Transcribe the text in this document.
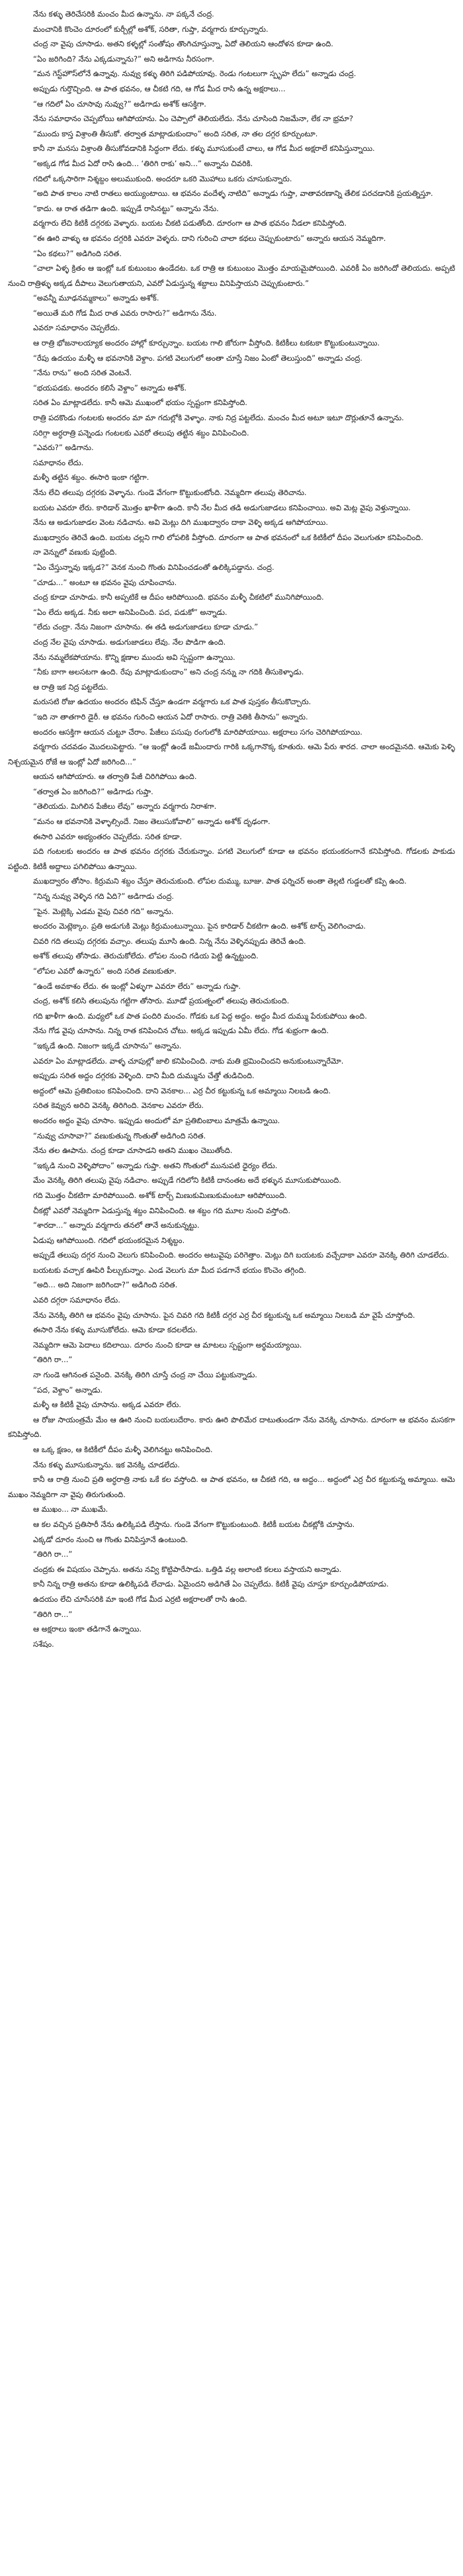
నేను కళ్ళు తెరిచేసరికి మంచం మీద ఉన్నాను. నా పక్కనే చంద్ర.

మంచానికి కొంచెం దూరంలో కుర్చీల్లో అశోక్, సరితా, గుప్తా, వర్మగారు కూర్చున్నారు.

చంద్ర నా వైపు చూసాడు. అతని కళ్ళల్లో సంతోషం తొంగిచూస్తున్నా, ఏదో తెలియని ఆందోళన కూడా ఉంది.

“ఏం జరిగింది? నేను ఎక్కడున్నాను?” అని అడిగాను నీరసంగా.

“మన గెస్ట్‌హౌస్‌లోనే ఉన్నావు. నువ్వు కళ్ళు తిరిగి పడిపోయావు. రెండు గంటలుగా స్పృహ లేదు” అన్నాడు చంద్ర.

అప్పుడు గుర్తొచ్చింది. ఆ పాత భవనం, ఆ చీకటి గది, ఆ గోడ మీద రాసి ఉన్న అక్షరాలు...

“ఆ గదిలో ఏం చూసావు నువ్వు?” అడిగాడు అశోక్ ఆసక్తిగా.

నేను సమాధానం చెప్పబోయి ఆగిపోయాను. ఏం చెప్పాలో తెలియలేదు. నేను చూసింది నిజమేనా, లేక నా భ్రమా?

“ముందు కాస్త విశ్రాంతి తీసుకో. తర్వాత మాట్లాడుకుందాం” అంది సరిత, నా తల దగ్గర కూర్చుంటూ.

కానీ నా మనసు విశ్రాంతి తీసుకోవడానికి సిద్ధంగా లేదు. కళ్ళు మూసుకుంటే చాలు, ఆ గోడ మీద అక్షరాలే కనిపిస్తున్నాయి.

“అక్కడ గోడ మీద ఏదో రాసి ఉంది... ‘తిరిగి రాకు’ అని...” అన్నాను చివరికి.

గదిలో ఒక్కసారిగా నిశ్శబ్దం అలుముకుంది. అందరూ ఒకరి మొహాలు ఒకరు చూసుకున్నారు.

“అది పాత కాలం నాటి రాతలు అయ్యుంటాయి. ఆ భవనం వందేళ్ళ నాటిది” అన్నాడు గుప్తా, వాతావరణాన్ని తేలిక పరచడానికి ప్రయత్నిస్తూ.

“కాదు. ఆ రాత తడిగా ఉంది. ఇప్పుడే రాసినట్టు” అన్నాను నేను.

వర్మగారు లేచి కిటికీ దగ్గరకు వెళ్ళారు. బయట చీకటి పడుతోంది. దూరంగా ఆ పాత భవనం నీడలా కనిపిస్తోంది.

“ఈ ఊరి వాళ్ళు ఆ భవనం దగ్గరికి ఎవరూ వెళ్ళరు. దాని గురించి చాలా కథలు చెప్పుకుంటారు” అన్నారు ఆయన నెమ్మదిగా.

“ఏం కథలు?” అడిగింది సరిత.

“చాలా ఏళ్ళ క్రితం ఆ ఇంట్లో ఒక కుటుంబం ఉండేదట. ఒక రాత్రి ఆ కుటుంబం మొత్తం మాయమైపోయింది. ఎవరికీ ఏం జరిగిందో తెలియదు. అప్పటి నుంచి రాత్రిళ్ళు అక్కడ దీపాలు వెలుగుతాయని, ఎవరో ఏడుస్తున్న శబ్దాలు వినిపిస్తాయని చెప్పుకుంటారు.”

“అవన్నీ మూఢనమ్మకాలు” అన్నాడు అశోక్.

“అయితే మరి గోడ మీద రాత ఎవరు రాసారు?” అడిగాను నేను.

ఎవరూ సమాధానం చెప్పలేదు.

ఆ రాత్రి భోజనాలయ్యాక అందరం హాల్లో కూర్చున్నాం. బయట గాలి జోరుగా వీస్తోంది. కిటికీలు టకటకా కొట్టుకుంటున్నాయి.

“రేపు ఉదయం మళ్ళీ ఆ భవనానికి వెళ్దాం. పగటి వెలుగులో అంతా చూస్తే నిజం ఏంటో తెలుస్తుంది” అన్నాడు చంద్ర.

“నేను రాను” అంది సరిత వెంటనే.

“భయపడకు. అందరం కలిసే వెళ్దాం” అన్నాడు అశోక్.

సరిత ఏం మాట్లాడలేదు. కానీ ఆమె ముఖంలో భయం స్పష్టంగా కనిపిస్తోంది.

రాత్రి పదకొండు గంటలకు అందరం మా మా గదుల్లోకి వెళ్ళాం. నాకు నిద్ర పట్టలేదు. మంచం మీద అటూ ఇటూ దొర్లుతూనే ఉన్నాను.

సరిగ్గా అర్ధరాత్రి పన్నెండు గంటలకు ఎవరో తలుపు తట్టిన శబ్దం వినిపించింది.

“ఎవరు?” అడిగాను.

సమాధానం లేదు.

మళ్ళీ తట్టిన శబ్దం. ఈసారి ఇంకా గట్టిగా.

నేను లేచి తలుపు దగ్గరకు వెళ్ళాను. గుండె వేగంగా కొట్టుకుంటోంది. నెమ్మదిగా తలుపు తెరిచాను.

బయట ఎవరూ లేరు. కారిడార్ మొత్తం ఖాళీగా ఉంది. కానీ నేల మీద తడి అడుగుజాడలు కనిపించాయి. అవి మెట్ల వైపు వెళ్తున్నాయి.

నేను ఆ అడుగుజాడల వెంట నడిచాను. అవి మెట్లు దిగి ముఖద్వారం దాకా వెళ్ళి అక్కడ ఆగిపోయాయి.

ముఖద్వారం తెరిచే ఉంది. బయట చల్లని గాలి లోపలికి వీస్తోంది. దూరంగా ఆ పాత భవనంలో ఒక కిటికీలో దీపం వెలుగుతూ కనిపించింది.

నా వెన్నులో వణుకు పుట్టింది.

“ఏం చేస్తున్నావు ఇక్కడ?” వెనక నుంచి గొంతు వినిపించడంతో ఉలిక్కిపడ్డాను. చంద్ర.

“చూడు...” అంటూ ఆ భవనం వైపు చూపించాను.

చంద్ర కూడా చూసాడు. కానీ అప్పటికే ఆ దీపం ఆరిపోయింది. భవనం మళ్ళీ చీకటిలో మునిగిపోయింది.

“ఏం లేదు అక్కడ. నీకు అలా అనిపించింది. పద, పడుకో” అన్నాడు.

“లేదు చంద్రా. నేను నిజంగా చూసాను. ఈ తడి అడుగుజాడలు కూడా చూడు.”

చంద్ర నేల వైపు చూసాడు. అడుగుజాడలు లేవు. నేల పొడిగా ఉంది.

నేను నమ్మలేకపోయాను. కొన్ని క్షణాల ముందు అవి స్పష్టంగా ఉన్నాయి.

“నీకు బాగా అలసటగా ఉంది. రేపు మాట్లాడుకుందాం” అని చంద్ర నన్ను నా గదికి తీసుకెళ్ళాడు.

ఆ రాత్రి ఇక నిద్ర పట్టలేదు.

మరుసటి రోజు ఉదయం అందరం టిఫిన్ చేస్తూ ఉండగా వర్మగారు ఒక పాత పుస్తకం తీసుకొచ్చారు.

“ఇది నా తాతగారి డైరీ. ఆ భవనం గురించి ఆయన ఏదో రాసారు. రాత్రి వెతికి తీసాను” అన్నారు.

అందరం ఆసక్తిగా ఆయన చుట్టూ చేరాం. పేజీలు పసుపు రంగులోకి మారిపోయాయి. అక్షరాలు సగం చెరిగిపోయాయి.

వర్మగారు చదవడం మొదలుపెట్టారు. “ఆ ఇంట్లో ఉండే జమీందారు గారికి ఒక్కగానొక్క కూతురు. ఆమె పేరు శారద. చాలా అందమైనది. ఆమెకు పెళ్ళి నిశ్చయమైన రోజే ఆ ఇంట్లో ఏదో జరిగింది...”

ఆయన ఆగిపోయారు. ఆ తర్వాతి పేజీ చిరిగిపోయి ఉంది.

“తర్వాత ఏం జరిగింది?” అడిగాడు గుప్తా.

“తెలియదు. మిగిలిన పేజీలు లేవు” అన్నారు వర్మగారు నిరాశగా.

“మనం ఆ భవనానికి వెళ్ళాల్సిందే. నిజం తెలుసుకోవాలి” అన్నాడు అశోక్ దృఢంగా.

ఈసారి ఎవరూ అభ్యంతరం చెప్పలేదు. సరిత కూడా.

పది గంటలకు అందరం ఆ పాత భవనం దగ్గరకు చేరుకున్నాం. పగటి వెలుగులో కూడా ఆ భవనం భయంకరంగానే కనిపిస్తోంది. గోడలకు పాకుడు పట్టింది. కిటికీ అద్దాలు పగిలిపోయి ఉన్నాయి.

ముఖద్వారం తోసాం. కిర్రుమని శబ్దం చేస్తూ తెరుచుకుంది. లోపల దుమ్ము, బూజు. పాత ఫర్నిచర్ అంతా తెల్లటి గుడ్డలతో కప్పి ఉంది.

“నిన్న నువ్వు వెళ్ళిన గది ఏది?” అడిగాడు చంద్ర.

“పైన. మెట్లెక్కి ఎడమ వైపు చివరి గది” అన్నాను.

అందరం మెట్లెక్కాం. ప్రతి అడుగుకి మెట్లు కిర్రుమంటున్నాయి. పైన కారిడార్ చీకటిగా ఉంది. అశోక్ టార్చ్ వెలిగించాడు.

చివరి గది తలుపు దగ్గరకు వచ్చాం. తలుపు మూసి ఉంది. నిన్న నేను వెళ్ళినప్పుడు తెరిచే ఉంది.

అశోక్ తలుపు తోసాడు. తెరుచుకోలేదు. లోపల నుంచి గడియ పెట్టి ఉన్నట్టుంది.

“లోపల ఎవరో ఉన్నారు” అంది సరిత వణుకుతూ.

“ఉండే అవకాశం లేదు. ఈ ఇంట్లో ఏళ్ళుగా ఎవరూ లేరు” అన్నాడు గుప్తా.

చంద్ర, అశోక్ కలిసి తలుపును గట్టిగా తోసారు. మూడో ప్రయత్నంలో తలుపు తెరుచుకుంది.

గది ఖాళీగా ఉంది. మధ్యలో ఒక పాత పందిరి మంచం. గోడకు ఒక పెద్ద అద్దం. అద్దం మీద దుమ్ము పేరుకుపోయి ఉంది.

నేను గోడ వైపు చూసాను. నిన్న రాత కనిపించిన చోటు. అక్కడ ఇప్పుడు ఏమీ లేదు. గోడ శుభ్రంగా ఉంది.

“ఇక్కడే ఉంది. నిజంగా ఇక్కడే చూసాను” అన్నాను.

ఎవరూ ఏం మాట్లాడలేదు. వాళ్ళ చూపుల్లో జాలి కనిపించింది. నాకు మతి భ్రమించిందని అనుకుంటున్నారేమో.

అప్పుడు సరిత అద్దం దగ్గరకు వెళ్ళింది. దాని మీది దుమ్మును చేత్తో తుడిచింది.

అద్దంలో ఆమె ప్రతిబింబం కనిపించింది. దాని వెనకాల... ఎర్ర చీర కట్టుకున్న ఒక అమ్మాయి నిలబడి ఉంది.

సరిత కెవ్వున అరిచి వెనక్కి తిరిగింది. వెనకాల ఎవరూ లేరు.

అందరం అద్దం వైపు చూసాం. ఇప్పుడు అందులో మా ప్రతిబింబాలు మాత్రమే ఉన్నాయి.

“నువ్వు చూసావా?” వణుకుతున్న గొంతుతో అడిగింది సరిత.

నేను తల ఊపాను. చంద్ర కూడా చూసాడని అతని ముఖం చెబుతోంది.

“ఇక్కడి నుంచి వెళ్ళిపోదాం” అన్నాడు గుప్తా. అతని గొంతులో మునుపటి ధైర్యం లేదు.

మేం వెనక్కి తిరిగి తలుపు వైపు నడిచాం. అప్పుడే గదిలోని కిటికీ దానంతట అదే భళ్ళున మూసుకుపోయింది.

గది మొత్తం చీకటిగా మారిపోయింది. అశోక్ టార్చ్ మిణుకుమిణుకుమంటూ ఆరిపోయింది.

చీకట్లో ఎవరో నెమ్మదిగా ఏడుస్తున్న శబ్దం వినిపించింది. ఆ శబ్దం గది మూల నుంచి వస్తోంది.

“శారదా...” అన్నారు వర్మగారు తనలో తానే అనుకున్నట్టు.

ఏడుపు ఆగిపోయింది. గదిలో భయంకరమైన నిశ్శబ్దం.

అప్పుడే తలుపు దగ్గర నుంచి వెలుగు కనిపించింది. అందరం అటువైపు పరిగెత్తాం. మెట్లు దిగి బయటకు వచ్చేదాకా ఎవరూ వెనక్కి తిరిగి చూడలేదు.

బయటకు వచ్చాక ఊపిరి పీల్చుకున్నాం. ఎండ వెలుగు మా మీద పడగానే భయం కొంచెం తగ్గింది.

“అది... అది నిజంగా జరిగిందా?” అడిగింది సరిత.

ఎవరి దగ్గరా సమాధానం లేదు.

నేను వెనక్కి తిరిగి ఆ భవనం వైపు చూసాను. పైన చివరి గది కిటికీ దగ్గర ఎర్ర చీర కట్టుకున్న ఒక అమ్మాయి నిలబడి మా వైపే చూస్తోంది.

ఈసారి నేను కళ్ళు మూసుకోలేదు. ఆమె కూడా కదలలేదు.

నెమ్మదిగా ఆమె పెదాలు కదిలాయి. దూరం నుంచి కూడా ఆ మాటలు స్పష్టంగా అర్థమయ్యాయి.

“తిరిగి రా...”

నా గుండె ఆగినంత పనైంది. వెనక్కి తిరిగి చూస్తే చంద్ర నా చేయి పట్టుకున్నాడు.

“పద, వెళ్దాం” అన్నాడు.

మళ్ళీ ఆ కిటికీ వైపు చూసాను. అక్కడ ఎవరూ లేరు.

ఆ రోజు సాయంత్రమే మేం ఆ ఊరి నుంచి బయలుదేరాం. కారు ఊరి పొలిమేర దాటుతుండగా నేను వెనక్కి చూసాను. దూరంగా ఆ భవనం మసకగా కనిపిస్తోంది.

ఆ ఒక్క క్షణం, ఆ కిటికీలో దీపం మళ్ళీ వెలిగినట్టు అనిపించింది.

నేను కళ్ళు మూసుకున్నాను. ఇక వెనక్కి చూడలేదు.

కానీ ఆ రాత్రి నుంచి ప్రతి అర్ధరాత్రి నాకు ఒకే కల వస్తోంది. ఆ పాత భవనం, ఆ చీకటి గది, ఆ అద్దం... అద్దంలో ఎర్ర చీర కట్టుకున్న అమ్మాయి. ఆమె ముఖం నెమ్మదిగా నా వైపు తిరుగుతుంది.

ఆ ముఖం... నా ముఖమే.

ఆ కల వచ్చిన ప్రతిసారీ నేను ఉలిక్కిపడి లేస్తాను. గుండె వేగంగా కొట్టుకుంటుంది. కిటికీ బయట చీకట్లోకి చూస్తాను.

ఎక్కడో దూరం నుంచి ఆ గొంతు వినిపిస్తూనే ఉంటుంది.

“తిరిగి రా...”

చంద్రకు ఈ విషయం చెప్పాను. అతను నవ్వి కొట్టిపారేసాడు. ఒత్తిడి వల్ల అలాంటి కలలు వస్తాయని అన్నాడు.

కానీ నిన్న రాత్రి అతను కూడా ఉలిక్కిపడి లేచాడు. ఏమైందని అడిగితే ఏం చెప్పలేదు. కిటికీ వైపు చూస్తూ కూర్చుండిపోయాడు.

ఉదయం లేచి చూసేసరికి మా ఇంటి గోడ మీద ఎర్రటి అక్షరాలతో రాసి ఉంది.

“తిరిగి రా...”

ఆ అక్షరాలు ఇంకా తడిగానే ఉన్నాయి.

సశేషం.
